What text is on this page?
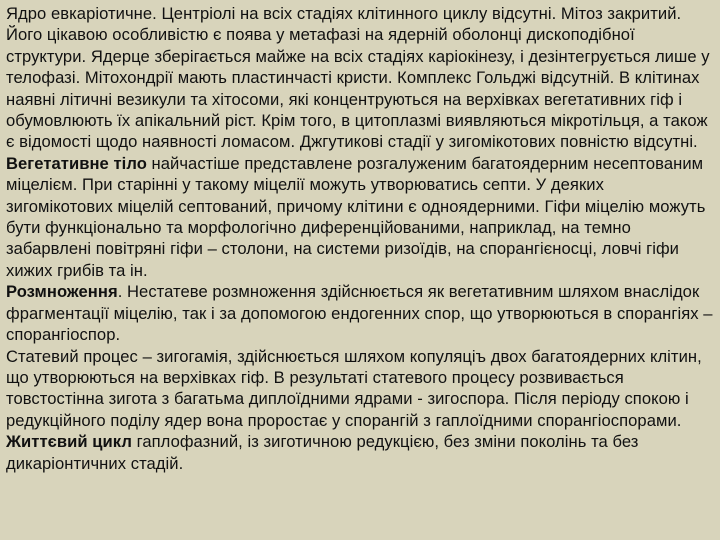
Ядро евкаріотичне. Центріолі на всіх стадіях клітинного циклу відсутні. Мітоз закритий. Його цікавою особливістю є поява у метафазі на ядерній оболонці дископодібної структури. Ядерце зберігається майже на всіх стадіях каріокінезу, і дезінтегрується лише у телофазі. Мітохондрії мають пластинчасті кристи. Комплекс Гольджі відсутній. В клітинах наявні літичні везикули та хітосоми, які концентруються на верхівках вегетативних гіф і обумовлюють їх апікальний ріст. Крім того, в цитоплазмі виявляються мікротільця, а також є відомості щодо наявності ломасом. Джгутикові стадії у зигомікотових повністю відсутні.

Вегетативне тіло найчастіше представлене розгалуженим багатоядерним несептованим міцелієм. При старінні у такому міцелії можуть утворюватись септи. У деяких зигомікотових міцелій септований, причому клітини є одноядерними. Гіфи міцелію можуть бути функціонально та морфологічно диференційованими, наприклад, на темно забарвлені повітряні гіфи – столони, на системи ризоїдів, на спорангієносці, ловчі гіфи хижих грибів та ін.

Розмноження. Нестатеве розмноження здійснюється як вегетативним шляхом внаслідок фрагментації міцелію, так і за допомогою ендогенних спор, що утворюються в спорангіях – спорангіоспор.

Статевий процес – зигогамія, здійснюється шляхом копуляціъ двох багатоядерних клітин, що утворюються на верхівках гіф. В результаті статевого процесу розвивається товстостінна зигота з багатьма диплоїдними ядрами - зигоспора. Після періоду спокою і редукційного поділу ядер вона проростає у спорангій з гаплоїдними спорангіоспорами.

Життєвий цикл гаплофазний, із зиготичною редукцією, без зміни поколінь та без дикаріонтичних стадій.
